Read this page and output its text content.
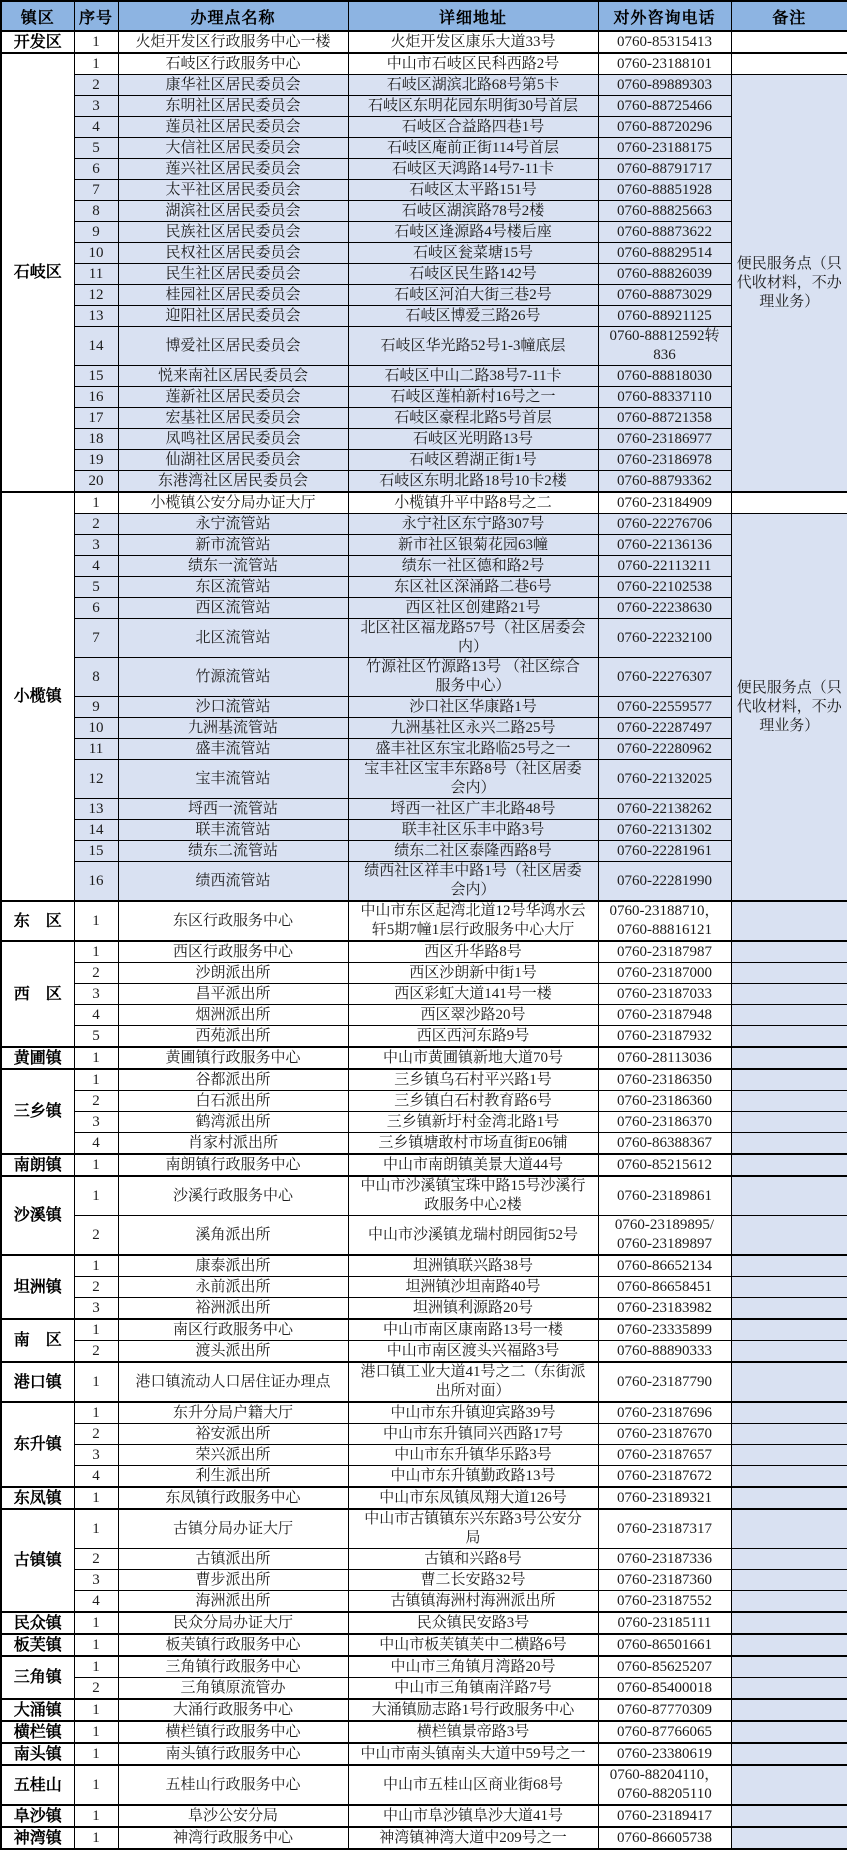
镇区	序号	办理点名称	详细地址	对外咨询电话	备注
开发区	1	火炬开发区行政服务中心一楼	火炬开发区康乐大道33号	0760-85315413	
石岐区	1	石岐区行政服务中心	中山市石岐区民科西路2号	0760-23188101	
	2	康华社区居民委员会	石岐区湖滨北路68号第5卡	0760-89889303	便民服务点（只代收材料，不办理业务）
	3	东明社区居民委员会	石岐区东明花园东明街30号首层	0760-88725466	
	4	莲员社区居民委员会	石岐区合益路四巷1号	0760-88720296	
	5	大信社区居民委员会	石岐区庵前正街114号首层	0760-23188175	
	6	莲兴社区居民委员会	石岐区天鸿路14号7-11卡	0760-88791717	
	7	太平社区居民委员会	石岐区太平路151号	0760-88851928	
	8	湖滨社区居民委员会	石岐区湖滨路78号2楼	0760-88825663	
	9	民族社区居民委员会	石岐区逢源路4号楼后座	0760-88873622	
	10	民权社区居民委员会	石岐区瓮菜塘15号	0760-88829514	
	11	民生社区居民委员会	石岐区民生路142号	0760-88826039	
	12	桂园社区居民委员会	石岐区河泊大街三巷2号	0760-88873029	
	13	迎阳社区居民委员会	石岐区博爱三路26号	0760-88921125	
	14	博爱社区居民委员会	石岐区华光路52号1-3幢底层	0760-88812592转
836	
	15	悦来南社区居民委员会	石岐区中山二路38号7-11卡	0760-88818030	
	16	莲新社区居民委员会	石岐区莲柏新村16号之一	0760-88337110	
	17	宏基社区居民委员会	石岐区豪程北路5号首层	0760-88721358	
	18	凤鸣社区居民委员会	石岐区光明路13号	0760-23186977	
	19	仙湖社区居民委员会	石岐区碧湖正街1号	0760-23186978	
	20	东港湾社区居民委员会	石岐区东明北路18号10卡2楼	0760-88793362	
小榄镇	1	小榄镇公安分局办证大厅	小榄镇升平中路8号之二	0760-23184909	
	2	永宁流管站	永宁社区东宁路307号	0760-22276706	便民服务点（只代收材料，不办理业务）
	3	新市流管站	新市社区银菊花园63幢	0760-22136136	
	4	绩东一流管站	绩东一社区德和路2号	0760-22113211	
	5	东区流管站	东区社区深涌路二巷6号	0760-22102538	
	6	西区流管站	西区社区创建路21号	0760-22238630	
	7	北区流管站	北区社区福龙路57号（社区居委会
内）	0760-22232100	
	8	竹源流管站	竹源社区竹源路13号 （社区综合
服务中心）	0760-22276307	
	9	沙口流管站	沙口社区华康路1号	0760-22559577	
	10	九洲基流管站	九洲基社区永兴二路25号	0760-22287497	
	11	盛丰流管站	盛丰社区东宝北路临25号之一	0760-22280962	
	12	宝丰流管站	宝丰社区宝丰东路8号（社区居委
会内）	0760-22132025	
	13	埒西一流管站	埒西一社区广丰北路48号	0760-22138262	
	14	联丰流管站	联丰社区乐丰中路3号	0760-22131302	
	15	绩东二流管站	绩东二社区泰隆西路8号	0760-22281961	
	16	绩西流管站	绩西社区祥丰中路1号（社区居委
会内）	0760-22281990	
东　区	1	东区行政服务中心	中山市东区起湾北道12号华鸿水云
轩5期7幢1层行政服务中心大厅	0760-23188710，
0760-88816121	
西　区	1	西区行政服务中心	西区升华路8号	0760-23187987	
	2	沙朗派出所	西区沙朗新中街1号	0760-23187000	
	3	昌平派出所	西区彩虹大道141号一楼	0760-23187033	
	4	烟洲派出所	西区翠沙路20号	0760-23187948	
	5	西苑派出所	西区西河东路9号	0760-23187932	
黄圃镇	1	黄圃镇行政服务中心	中山市黄圃镇新地大道70号	0760-28113036	
三乡镇	1	谷都派出所	三乡镇乌石村平兴路1号	0760-23186350	
	2	白石派出所	三乡镇白石村教育路6号	0760-23186360	
	3	鹤湾派出所	三乡镇新圩村金湾北路1号	0760-23186370	
	4	肖家村派出所	三乡镇塘敢村市场直街E06铺	0760-86388367	
南朗镇	1	南朗镇行政服务中心	中山市南朗镇美景大道44号	0760-85215612	
沙溪镇	1	沙溪行政服务中心	中山市沙溪镇宝珠中路15号沙溪行
政服务中心2楼	0760-23189861	
	2	溪角派出所	中山市沙溪镇龙瑞村朗园街52号	0760-23189895/
0760-23189897	
坦洲镇	1	康泰派出所	坦洲镇联兴路38号	0760-86652134	
	2	永前派出所	坦洲镇沙坦南路40号	0760-86658451	
	3	裕洲派出所	坦洲镇利源路20号	0760-23183982	
南　区	1	南区行政服务中心	中山市南区康南路13号一楼	0760-23335899	
	2	渡头派出所	中山市南区渡头兴福路3号	0760-88890333	
港口镇	1	港口镇流动人口居住证办理点	港口镇工业大道41号之二（东街派
出所对面）	0760-23187790	
东升镇	1	东升分局户籍大厅	中山市东升镇迎宾路39号	0760-23187696	
	2	裕安派出所	中山市东升镇同兴西路17号	0760-23187670	
	3	荣兴派出所	中山市东升镇华乐路3号	0760-23187657	
	4	利生派出所	中山市东升镇勤政路13号	0760-23187672	
东凤镇	1	东凤镇行政服务中心	中山市东凤镇凤翔大道126号	0760-23189321	
古镇镇	1	古镇分局办证大厅	中山市古镇镇东兴东路3号公安分
局	0760-23187317	
	2	古镇派出所	古镇和兴路8号	0760-23187336	
	3	曹步派出所	曹二长安路32号	0760-23187360	
	4	海洲派出所	古镇镇海洲村海洲派出所	0760-23187552	
民众镇	1	民众分局办证大厅	民众镇民安路3号	0760-23185111	
板芙镇	1	板芙镇行政服务中心	中山市板芙镇芙中二横路6号	0760-86501661	
三角镇	1	三角镇行政服务中心	中山市三角镇月湾路20号	0760-85625207	
	2	三角镇原流管办	中山市三角镇南洋路7号	0760-85400018	
大涌镇	1	大涌行政服务中心	大涌镇励志路1号行政服务中心	0760-87770309	
横栏镇	1	横栏镇行政服务中心	横栏镇景帝路3号	0760-87766065	
南头镇	1	南头镇行政服务中心	中山市南头镇南头大道中59号之一	0760-23380619	
五桂山	1	五桂山行政服务中心	中山市五桂山区商业街68号	0760-88204110，
0760-88205110	
阜沙镇	1	阜沙公安分局	中山市阜沙镇阜沙大道41号	0760-23189417	
神湾镇	1	神湾行政服务中心	神湾镇神湾大道中209号之一	0760-86605738	
